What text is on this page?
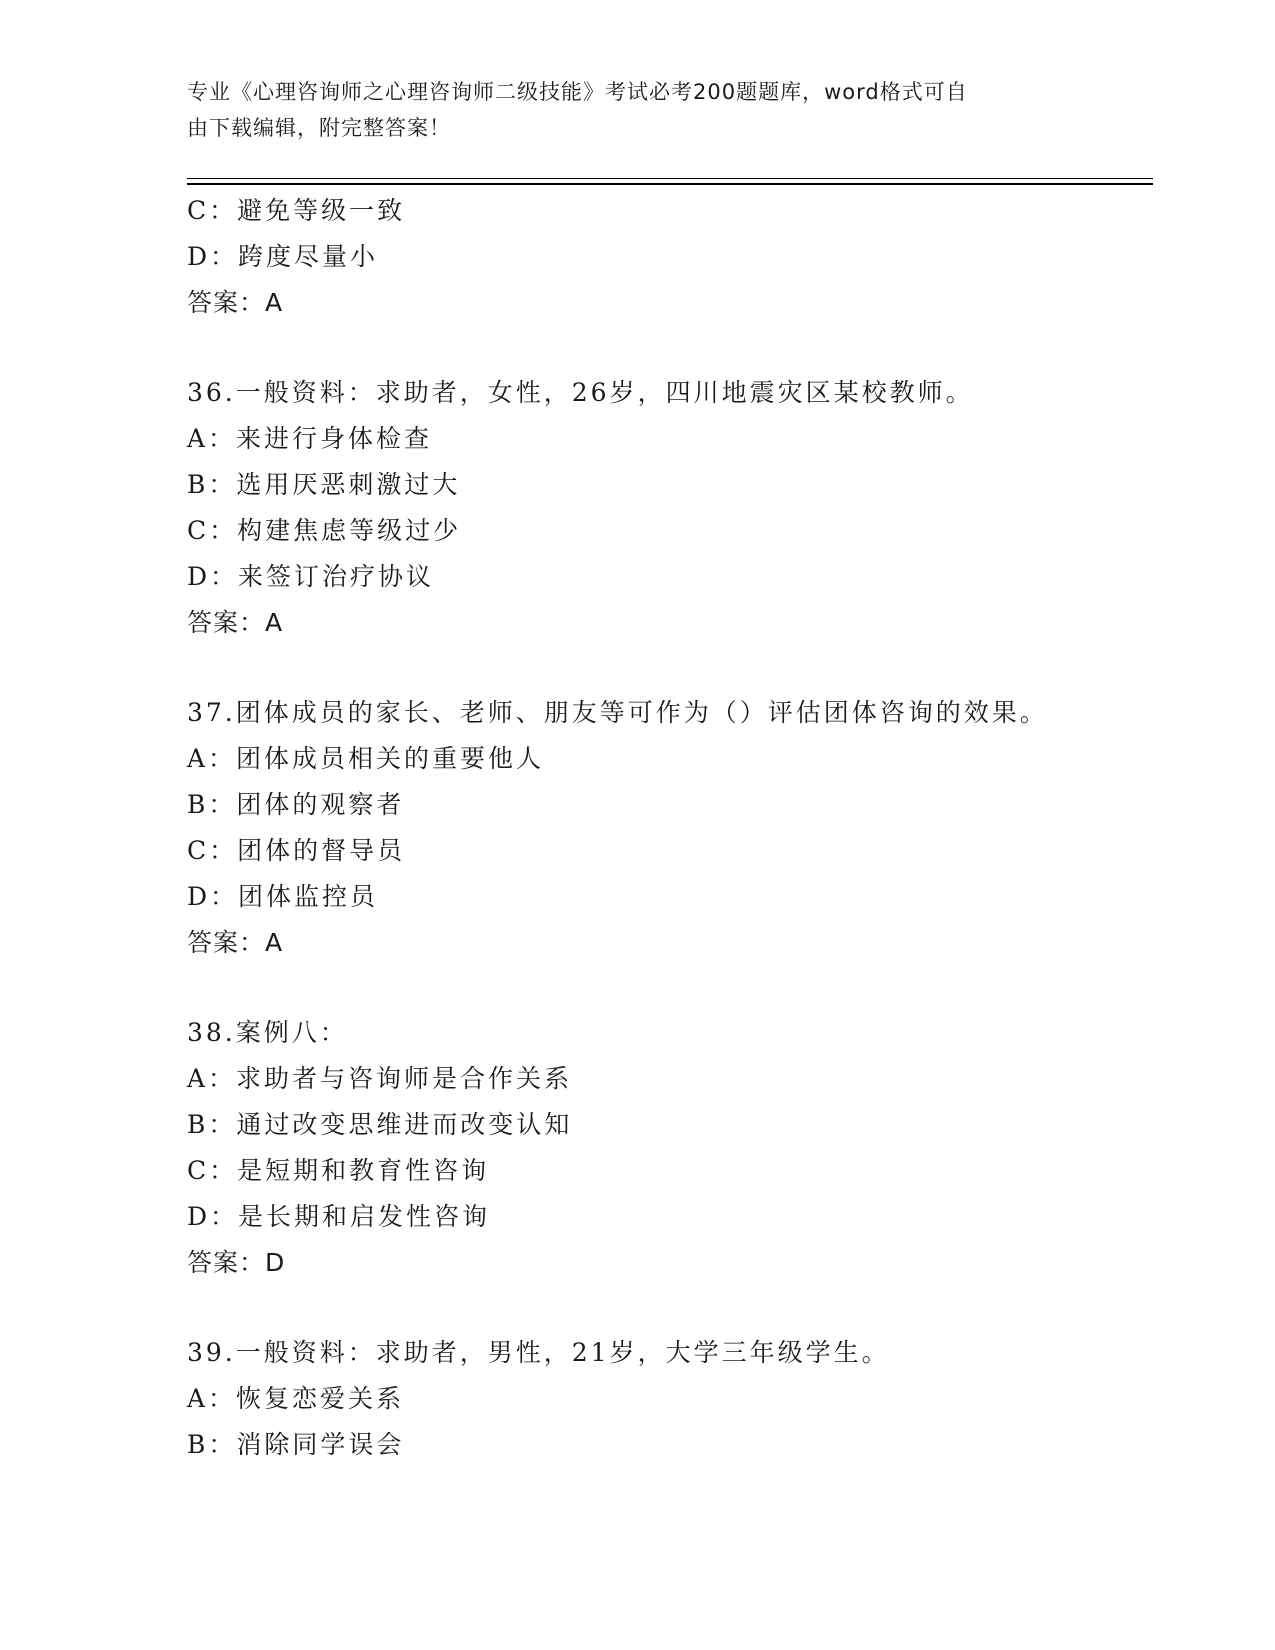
专业《心理咨询师之心理咨询师二级技能》考试必考200题题库，word格式可自
由下载编辑，附完整答案！
C：避免等级一致
D：跨度尽量小
答案：A
36.一般资料：求助者，女性，26岁，四川地震灾区某校教师。
A：来进行身体检查
B：选用厌恶刺激过大
C：构建焦虑等级过少
D：来签订治疗协议
答案：A
37.团体成员的家长、老师、朋友等可作为（）评估团体咨询的效果。
A：团体成员相关的重要他人
B：团体的观察者
C：团体的督导员
D：团体监控员
答案：A
38.案例八：
A：求助者与咨询师是合作关系
B：通过改变思维进而改变认知
C：是短期和教育性咨询
D：是长期和启发性咨询
答案：D
39.一般资料：求助者，男性，21岁，大学三年级学生。
A：恢复恋爱关系
B：消除同学误会
